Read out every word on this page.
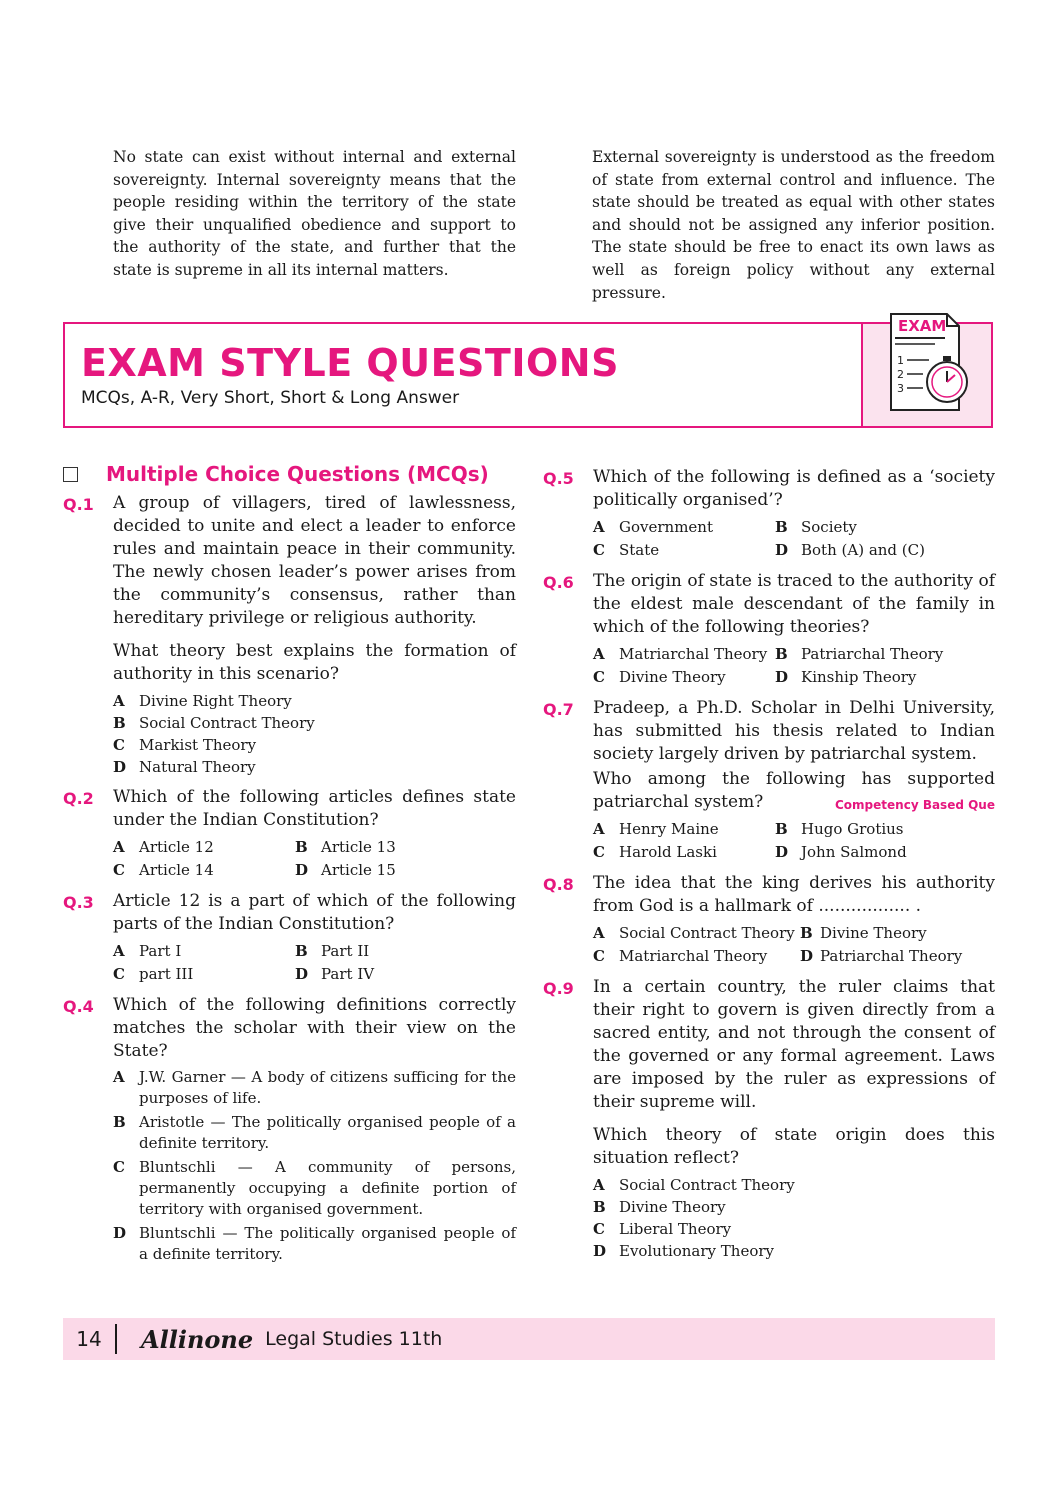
No state can exist without internal and external sovereignty. Internal sovereignty means that the people residing within the territory of the state give their unqualified obedience and support to the authority of the state, and further that the state is supreme in all its internal matters.
External sovereignty is understood as the freedom of state from external control and influence. The state should be treated as equal with other states and should not be assigned any inferior position. The state should be free to enact its own laws as well as foreign policy without any external pressure.
EXAM STYLE QUESTIONS
MCQs, A-R, Very Short, Short & Long Answer
EXAM
1
2
3
Multiple Choice Questions (MCQs)
Q.1	A group of villagers, tired of lawlessness, decided to unite and elect a leader to enforce rules and maintain peace in their community. The newly chosen leader’s power arises from the community’s consensus, rather than hereditary privilege or religious authority.
What theory best explains the formation of authority in this scenario?
A Divine Right Theory
B Social Contract Theory
C Markist Theory
D Natural Theory
Q.2	Which of the following articles defines state under the Indian Constitution?
A Article 12	B Article 13
C Article 14	D Article 15
Q.3	Article 12 is a part of which of the following parts of the Indian Constitution?
A Part I	B Part II
C part III	D Part IV
Q.4	Which of the following definitions correctly matches the scholar with their view on the State?
A J.W. Garner — A body of citizens sufficing for the purposes of life.
B Aristotle — The politically organised people of a definite territory.
C Bluntschli — A community of persons, permanently occupying a definite portion of territory with organised government.
D Bluntschli — The politically organised people of a definite territory.
Q.5	Which of the following is defined as a ‘society politically organised’?
A Government	B Society
C State	D Both (A) and (C)
Q.6	The origin of state is traced to the authority of the eldest male descendant of the family in which of the following theories?
A Matriarchal Theory B Patriarchal Theory
C Divine Theory	D Kinship Theory
Q.7	Pradeep, a Ph.D. Scholar in Delhi University, has submitted his thesis related to Indian society largely driven by patriarchal system.
Who among the following has supported patriarchal system?	Competency Based Que
A Henry Maine	B Hugo Grotius
C Harold Laski	D John Salmond
Q.8	The idea that the king derives his authority from God is a hallmark of ................. .
A Social Contract Theory B Divine Theory
C Matriarchal Theory D Patriarchal Theory
Q.9	In a certain country, the ruler claims that their right to govern is given directly from a sacred entity, and not through the consent of the governed or any formal agreement. Laws are imposed by the ruler as expressions of their supreme will.
Which theory of state origin does this situation reflect?
A Social Contract Theory
B Divine Theory
C Liberal Theory
D Evolutionary Theory
14	Allinone Legal Studies 11th
